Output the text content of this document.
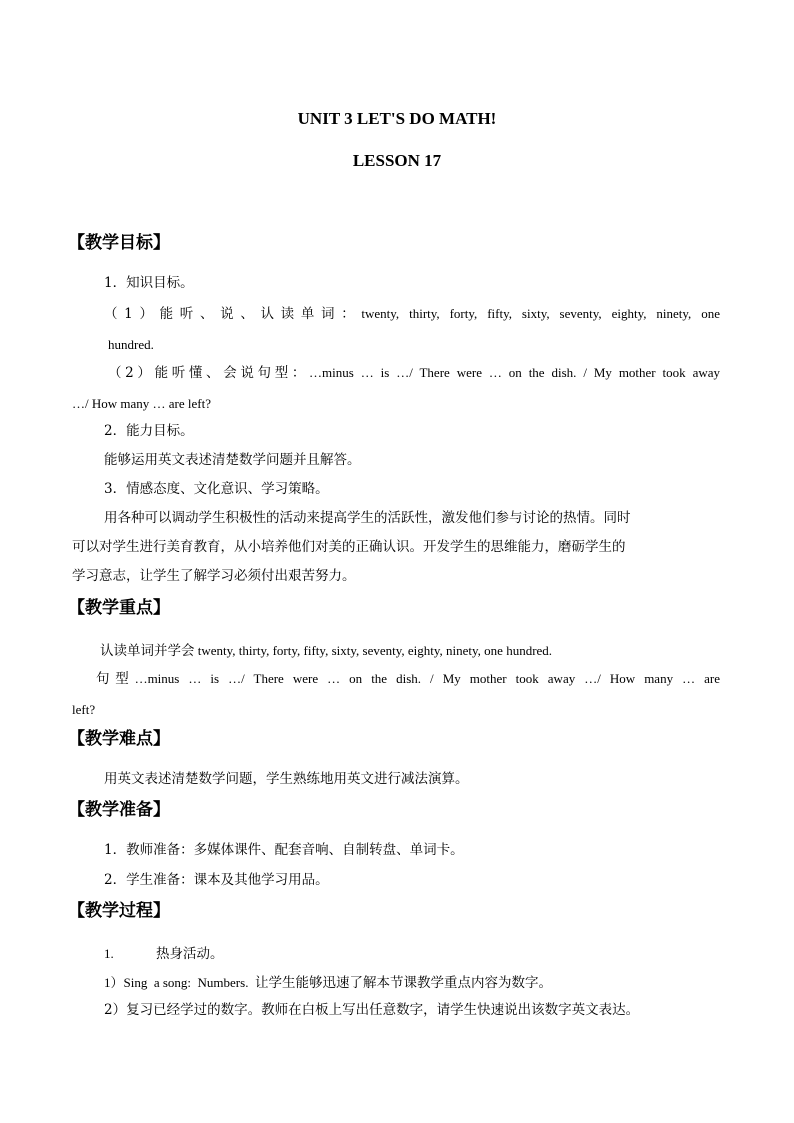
UNIT 3 LET'S DO MATH!
LESSON 17
【教学目标】
1．知识目标。
（1）能听、说、认读单词：twenty, thirty, forty, fifty, sixty, seventy, eighty, ninety, one
hundred.
（2）能听懂、会说句型：…minus … is …/ There were … on the dish. / My mother took away
…/ How many … are left?
2．能力目标。
能够运用英文表述清楚数学问题并且解答。
3．情感态度、文化意识、学习策略。
用各种可以调动学生积极性的活动来提高学生的活跃性，激发他们参与讨论的热情。同时
可以对学生进行美育教育，从小培养他们对美的正确认识。开发学生的思维能力，磨砺学生的
学习意志，让学生了解学习必须付出艰苦努力。
【教学重点】
认读单词并学会 twenty, thirty, forty, fifty, sixty, seventy, eighty, ninety, one hundred.
句型…minus … is …/ There were … on the dish. / My mother took away …/ How many … are
left?
【教学难点】
用英文表述清楚数学问题，学生熟练地用英文进行减法演算。
【教学准备】
1．教师准备：多媒体课件、配套音响、自制转盘、单词卡。
2．学生准备：课本及其他学习用品。
【教学过程】
1.	热身活动。
1）Sing  a song:  Numbers.  让学生能够迅速了解本节课教学重点内容为数字。
2）复习已经学过的数字。教师在白板上写出任意数字，请学生快速说出该数字英文表达。
